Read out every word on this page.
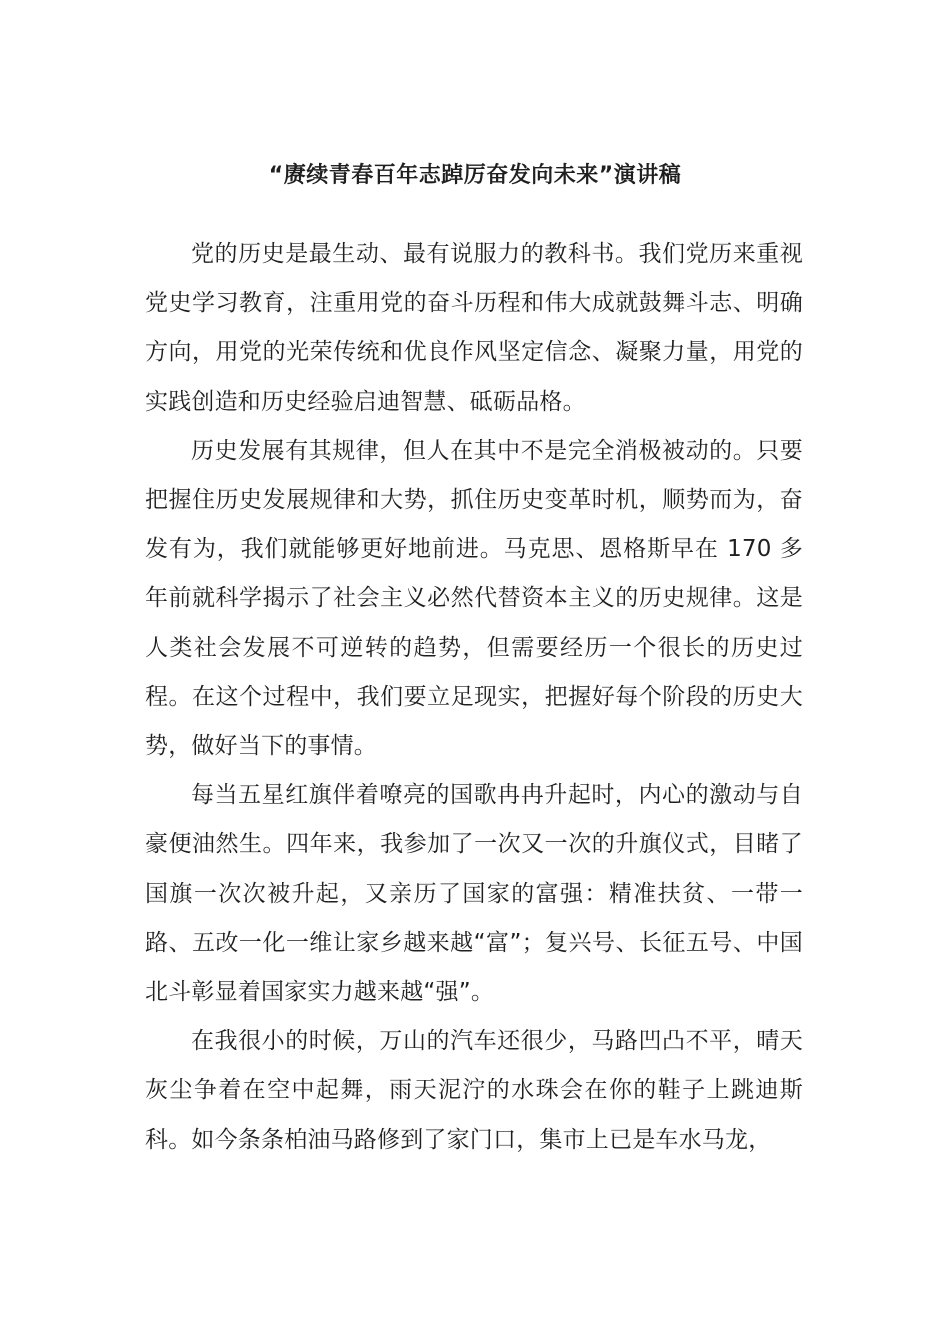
“赓续青春百年志踔厉奋发向未来”演讲稿

党的历史是最生动、最有说服力的教科书。我们党历来重视党史学习教育，注重用党的奋斗历程和伟大成就鼓舞斗志、明确方向，用党的光荣传统和优良作风坚定信念、凝聚力量，用党的实践创造和历史经验启迪智慧、砥砺品格。

历史发展有其规律，但人在其中不是完全消极被动的。只要把握住历史发展规律和大势，抓住历史变革时机，顺势而为，奋发有为，我们就能够更好地前进。马克思、恩格斯早在 170 多年前就科学揭示了社会主义必然代替资本主义的历史规律。这是人类社会发展不可逆转的趋势，但需要经历一个很长的历史过程。在这个过程中，我们要立足现实，把握好每个阶段的历史大势，做好当下的事情。

每当五星红旗伴着嘹亮的国歌冉冉升起时，内心的激动与自豪便油然生。四年来，我参加了一次又一次的升旗仪式，目睹了国旗一次次被升起，又亲历了国家的富强：精准扶贫、一带一路、五改一化一维让家乡越来越“富”；复兴号、长征五号、中国北斗彰显着国家实力越来越“强”。

在我很小的时候，万山的汽车还很少，马路凹凸不平，晴天灰尘争着在空中起舞，雨天泥泞的水珠会在你的鞋子上跳迪斯科。如今条条柏油马路修到了家门口，集市上已是车水马龙，
